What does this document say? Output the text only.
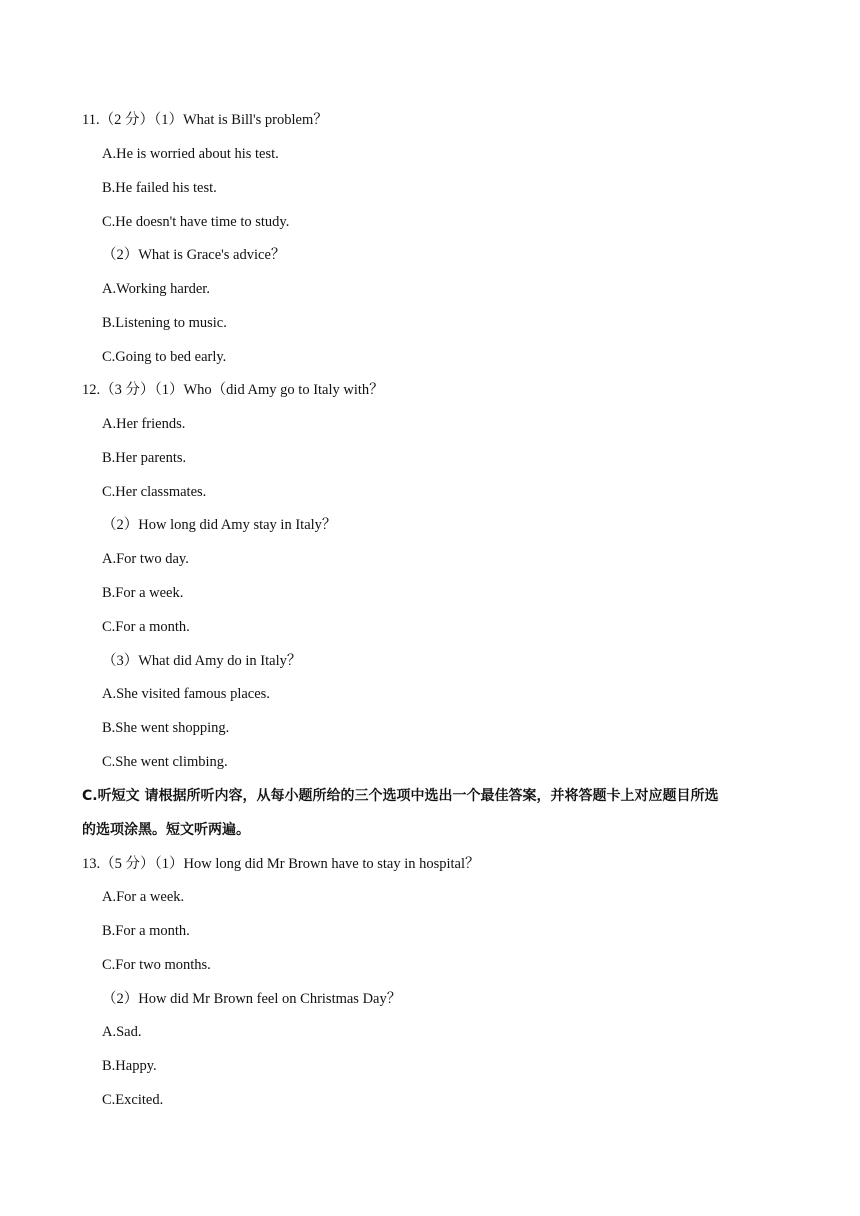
11.（2 分）（1）What is Bill's problem？
A.He is worried about his test.
B.He failed his test.
C.He doesn't have time to study.
（2）What is Grace's advice？
A.Working harder.
B.Listening to music.
C.Going to bed early.
12.（3 分）（1）Who（did Amy go to Italy with？
A.Her friends.
B.Her parents.
C.Her classmates.
（2）How long did Amy stay in Italy？
A.For two day.
B.For a week.
C.For a month.
（3）What did Amy do in Italy？
A.She visited famous places.
B.She went shopping.
C.She went climbing.
C.听短文 请根据所听内容，从每小题所给的三个选项中选出一个最佳答案，并将答题卡上对应题目所选
的选项涂黑。短文听两遍。
13.（5 分）（1）How long did Mr Brown have to stay in hospital？
A.For a week.
B.For a month.
C.For two months.
（2）How did Mr Brown feel on Christmas Day？
A.Sad.
B.Happy.
C.Excited.
